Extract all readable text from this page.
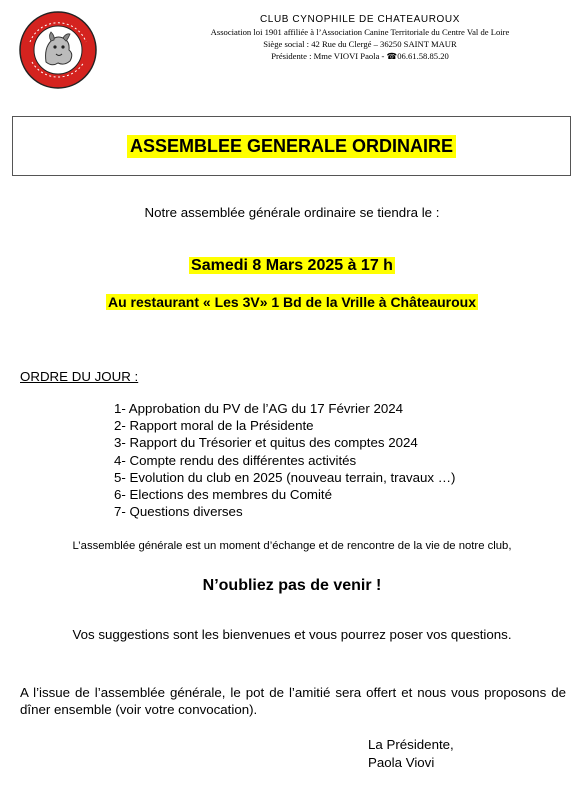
CLUB CYNOPHILE DE CHATEAUROUX
Association loi 1901 affiliée à l’Association Canine Territoriale du Centre Val de Loire
Siège social : 42 Rue du Clergé – 36250 SAINT MAUR
Présidente : Mme VIOVI Paola - ☎06.61.58.85.20
ASSEMBLEE GENERALE ORDINAIRE
Notre assemblée générale ordinaire se tiendra le :
Samedi 8 Mars 2025 à 17 h
Au restaurant « Les 3V» 1 Bd de la Vrille à Châteauroux
ORDRE DU JOUR :
1- Approbation du PV de l’AG du 17 Février 2024
2- Rapport moral de la Présidente
3- Rapport du Trésorier et quitus des comptes 2024
4- Compte rendu des différentes activités
5- Evolution du club en 2025 (nouveau terrain, travaux …)
6- Elections des membres du Comité
7- Questions diverses
L’assemblée générale est un moment d’échange et de rencontre de la vie de notre club,
N’oubliez pas de venir !
Vos suggestions sont les bienvenues et vous pourrez poser vos questions.
A l’issue de l’assemblée générale, le pot de l’amitié sera offert et nous vous proposons de dîner ensemble (voir votre convocation).
La Présidente,
Paola Viovi
